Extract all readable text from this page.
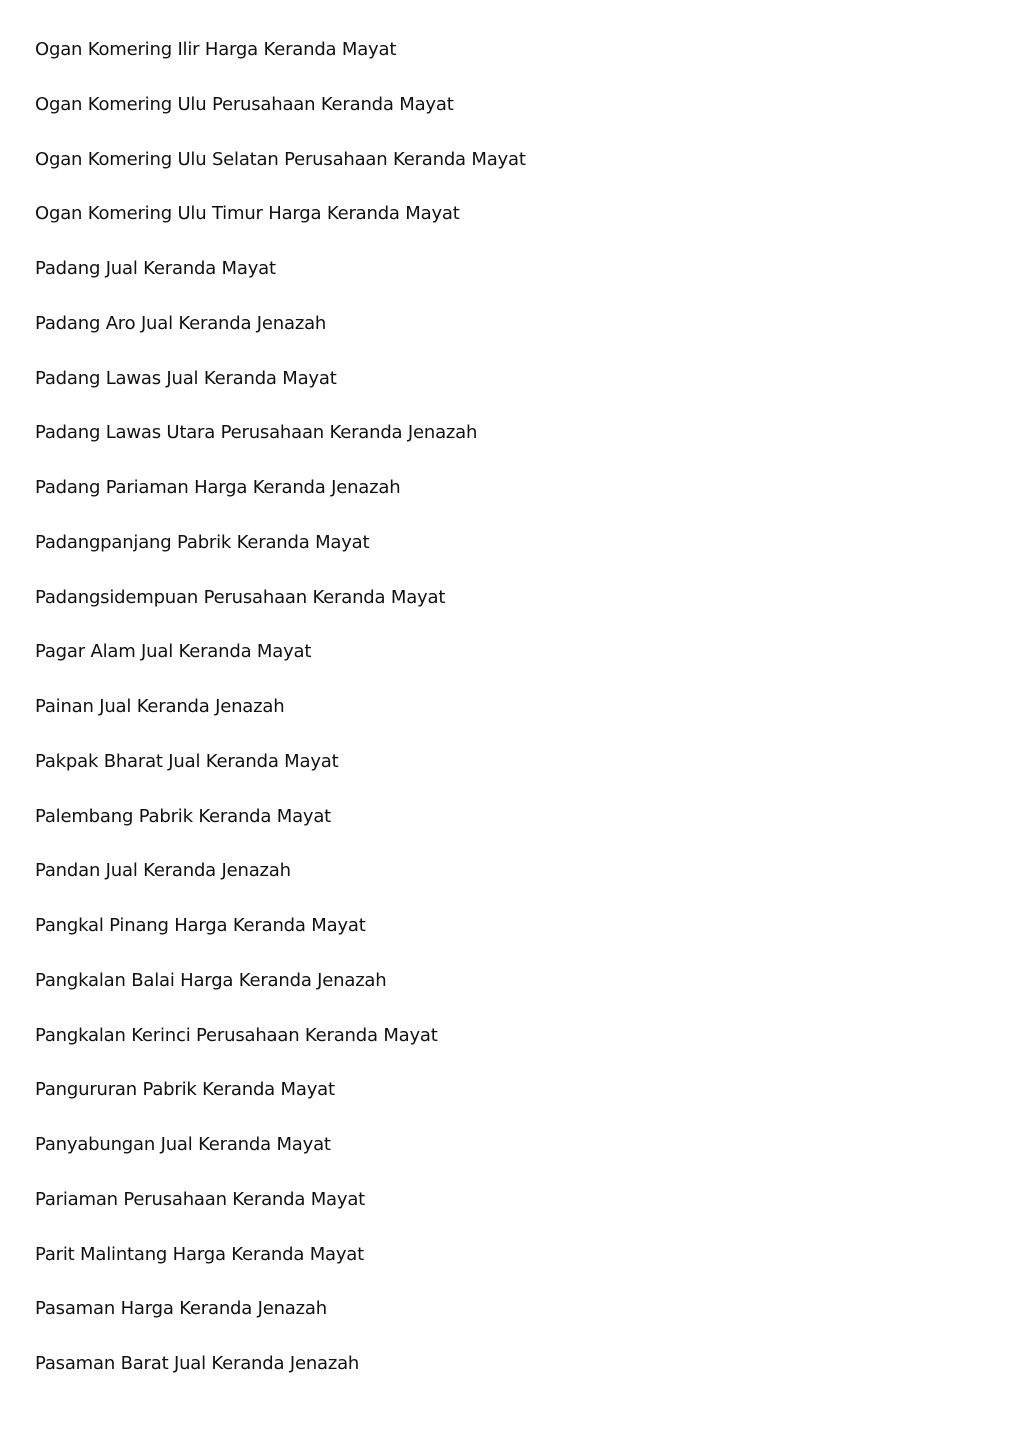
Ogan Komering Ilir Harga Keranda Mayat
Ogan Komering Ulu Perusahaan Keranda Mayat
Ogan Komering Ulu Selatan Perusahaan Keranda Mayat
Ogan Komering Ulu Timur Harga Keranda Mayat
Padang Jual Keranda Mayat
Padang Aro Jual Keranda Jenazah
Padang Lawas Jual Keranda Mayat
Padang Lawas Utara Perusahaan Keranda Jenazah
Padang Pariaman Harga Keranda Jenazah
Padangpanjang Pabrik Keranda Mayat
Padangsidempuan Perusahaan Keranda Mayat
Pagar Alam Jual Keranda Mayat
Painan Jual Keranda Jenazah
Pakpak Bharat Jual Keranda Mayat
Palembang Pabrik Keranda Mayat
Pandan Jual Keranda Jenazah
Pangkal Pinang Harga Keranda Mayat
Pangkalan Balai Harga Keranda Jenazah
Pangkalan Kerinci Perusahaan Keranda Mayat
Pangururan Pabrik Keranda Mayat
Panyabungan Jual Keranda Mayat
Pariaman Perusahaan Keranda Mayat
Parit Malintang Harga Keranda Mayat
Pasaman Harga Keranda Jenazah
Pasaman Barat Jual Keranda Jenazah
